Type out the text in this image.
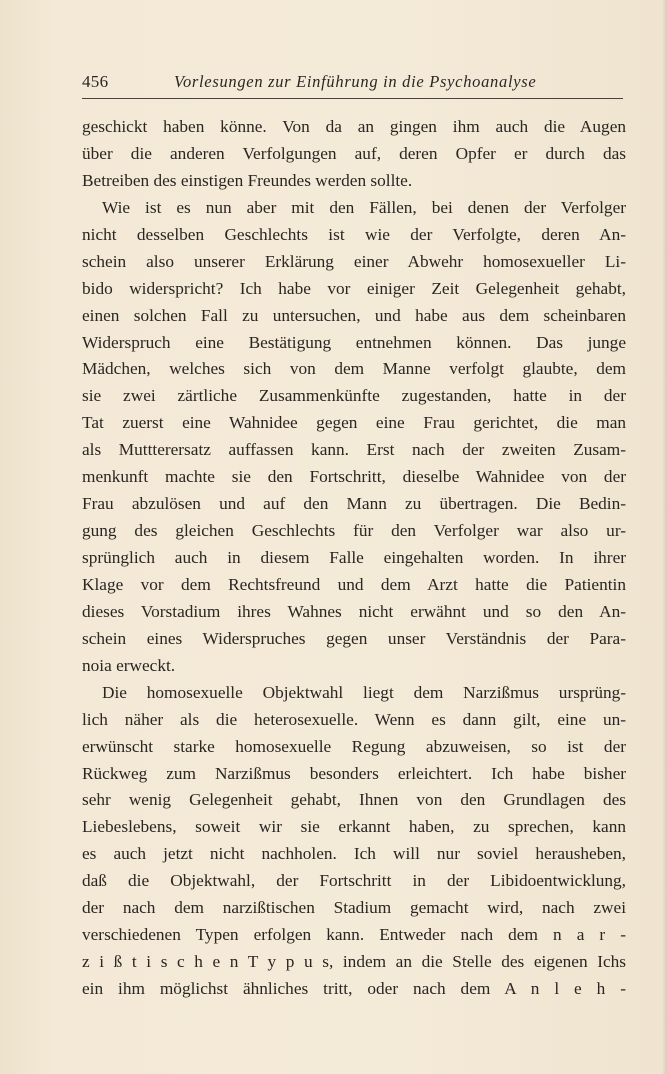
456	Vorlesungen zur Einführung in die Psychoanalyse
geschickt haben könne. Von da an gingen ihm auch die Augen
über die anderen Verfolgungen auf, deren Opfer er durch das
Betreiben des einstigen Freundes werden sollte.
Wie ist es nun aber mit den Fällen, bei denen der Verfolger
nicht desselben Geschlechts ist wie der Verfolgte, deren An-
schein also unserer Erklärung einer Abwehr homosexueller Li-
bido widerspricht? Ich habe vor einiger Zeit Gelegenheit gehabt,
einen solchen Fall zu untersuchen, und habe aus dem scheinbaren
Widerspruch eine Bestätigung entnehmen können. Das junge
Mädchen, welches sich von dem Manne verfolgt glaubte, dem
sie zwei zärtliche Zusammenkünfte zugestanden, hatte in der
Tat zuerst eine Wahnidee gegen eine Frau gerichtet, die man
als Muttterersatz auffassen kann. Erst nach der zweiten Zusam-
menkunft machte sie den Fortschritt, dieselbe Wahnidee von der
Frau abzulösen und auf den Mann zu übertragen. Die Bedin-
gung des gleichen Geschlechts für den Verfolger war also ur-
sprünglich auch in diesem Falle eingehalten worden. In ihrer
Klage vor dem Rechtsfreund und dem Arzt hatte die Patientin
dieses Vorstadium ihres Wahnes nicht erwähnt und so den An-
schein eines Widerspruches gegen unser Verständnis der Para-
noia erweckt.
Die homosexuelle Objektwahl liegt dem Narzißmus ursprüng-
lich näher als die heterosexuelle. Wenn es dann gilt, eine un-
erwünscht starke homosexuelle Regung abzuweisen, so ist der
Rückweg zum Narzißmus besonders erleichtert. Ich habe bisher
sehr wenig Gelegenheit gehabt, Ihnen von den Grundlagen des
Liebeslebens, soweit wir sie erkannt haben, zu sprechen, kann
es auch jetzt nicht nachholen. Ich will nur soviel herausheben,
daß die Objektwahl, der Fortschritt in der Libidoentwicklung,
der nach dem narzißtischen Stadium gemacht wird, nach zwei
verschiedenen Typen erfolgen kann. Entweder nach dem n a r -
z i ß t i s c h e n T y p u s, indem an die Stelle des eigenen Ichs
ein ihm möglichst ähnliches tritt, oder nach dem A n l e h -
